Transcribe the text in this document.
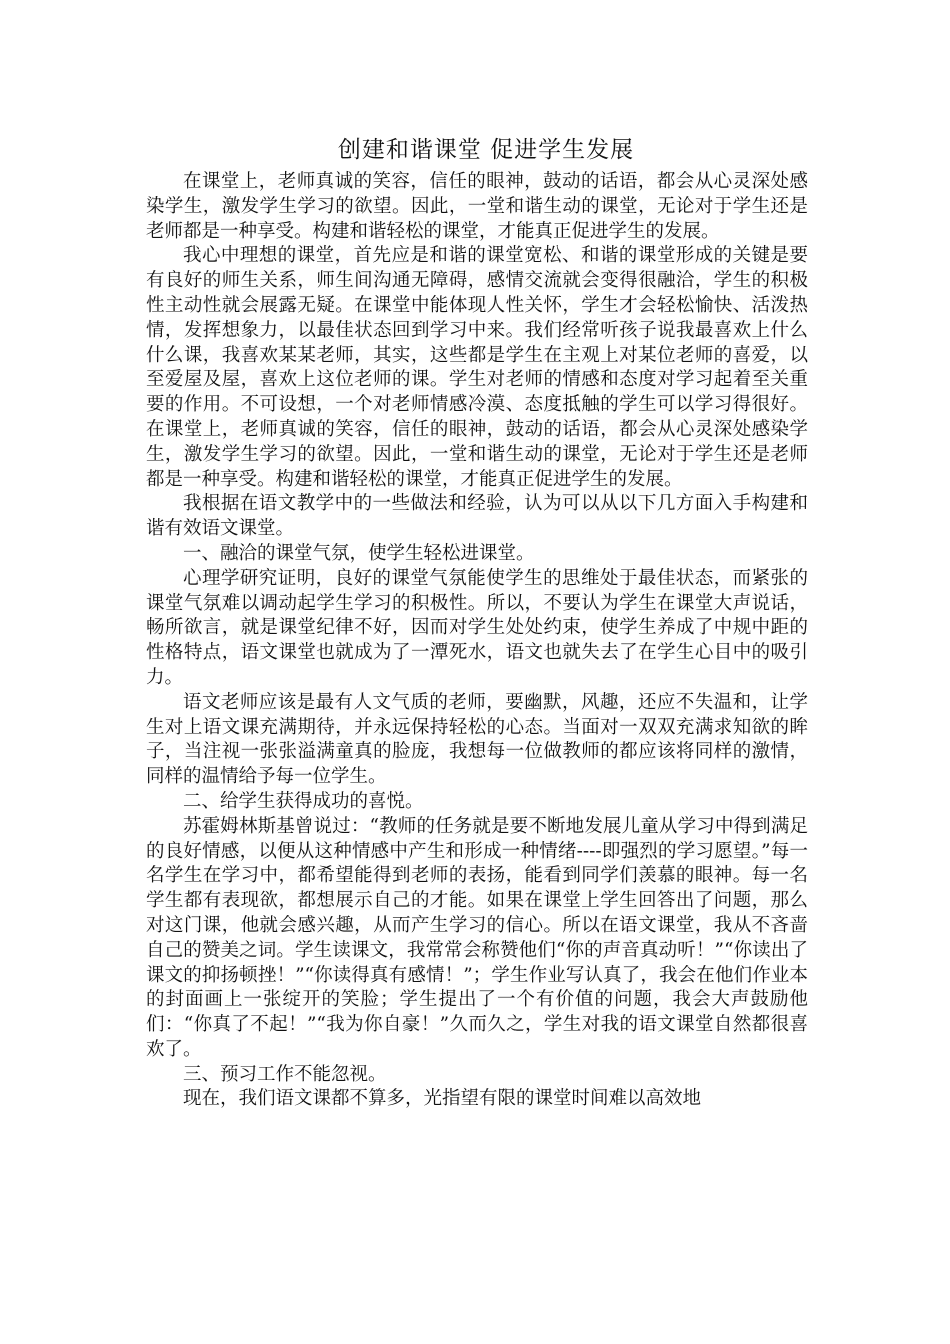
创建和谐课堂 促进学生发展

在课堂上，老师真诚的笑容，信任的眼神，鼓动的话语，都会从心灵深处感染学生，激发学生学习的欲望。因此，一堂和谐生动的课堂，无论对于学生还是老师都是一种享受。构建和谐轻松的课堂，才能真正促进学生的发展。

我心中理想的课堂，首先应是和谐的课堂宽松、和谐的课堂形成的关键是要有良好的师生关系，师生间沟通无障碍，感情交流就会变得很融洽，学生的积极性主动性就会展露无疑。在课堂中能体现人性关怀，学生才会轻松愉快、活泼热情，发挥想象力，以最佳状态回到学习中来。我们经常听孩子说我最喜欢上什么什么课，我喜欢某某老师，其实，这些都是学生在主观上对某位老师的喜爱，以至爱屋及屋，喜欢上这位老师的课。学生对老师的情感和态度对学习起着至关重要的作用。不可设想，一个对老师情感冷漠、态度抵触的学生可以学习得很好。在课堂上，老师真诚的笑容，信任的眼神，鼓动的话语，都会从心灵深处感染学生，激发学生学习的欲望。因此，一堂和谐生动的课堂，无论对于学生还是老师都是一种享受。构建和谐轻松的课堂，才能真正促进学生的发展。

我根据在语文教学中的一些做法和经验，认为可以从以下几方面入手构建和谐有效语文课堂。

一、融洽的课堂气氛，使学生轻松进课堂。

心理学研究证明，良好的课堂气氛能使学生的思维处于最佳状态，而紧张的课堂气氛难以调动起学生学习的积极性。所以，不要认为学生在课堂大声说话，畅所欲言，就是课堂纪律不好，因而对学生处处约束，使学生养成了中规中距的性格特点，语文课堂也就成为了一潭死水，语文也就失去了在学生心目中的吸引力。

语文老师应该是最有人文气质的老师，要幽默，风趣，还应不失温和，让学生对上语文课充满期待，并永远保持轻松的心态。当面对一双双充满求知欲的眸子，当注视一张张溢满童真的脸庞，我想每一位做教师的都应该将同样的激情，同样的温情给予每一位学生。

二、给学生获得成功的喜悦。

苏霍姆林斯基曾说过：“教师的任务就是要不断地发展儿童从学习中得到满足的良好情感，以便从这种情感中产生和形成一种情绪----即强烈的学习愿望。”每一名学生在学习中，都希望能得到老师的表扬，能看到同学们羡慕的眼神。每一名学生都有表现欲，都想展示自己的才能。如果在课堂上学生回答出了问题，那么对这门课，他就会感兴趣，从而产生学习的信心。所以在语文课堂，我从不吝啬自己的赞美之词。学生读课文，我常常会称赞他们“你的声音真动听！”“你读出了课文的抑扬顿挫！”“你读得真有感情！”；学生作业写认真了，我会在他们作业本的封面画上一张绽开的笑脸；学生提出了一个有价值的问题，我会大声鼓励他们：“你真了不起！”“我为你自豪！”久而久之，学生对我的语文课堂自然都很喜欢了。

三、预习工作不能忽视。

现在，我们语文课都不算多，光指望有限的课堂时间难以高效地
